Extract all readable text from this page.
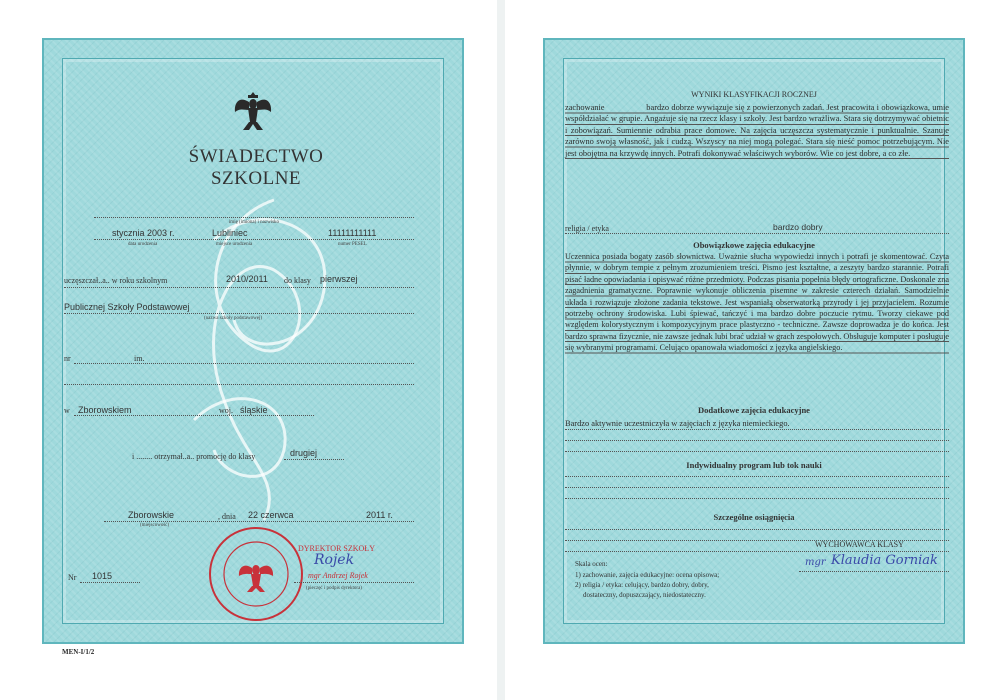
ŚWIADECTWO SZKOLNE
imię (imiona) i nazwisko
stycznia 2003 r.	Lubliniec	11111111111
data urodzenia	miejsce urodzenia	numer PESEL
uczęszczał..a.. w roku szkolnym	2010/2011 do klasy pierwszej
Publicznej Szkoły Podstawowej
(nazwa szkoły podstawowej)
nr	im.
w Zborowskiem	woj. śląskie
i ........ otrzymał..a.. promocję do klasy	drugiej
Zborowskie
(miejscowość)
, dnia 22 czerwca	2011 r.
DYREKTOR SZKOŁY
Rojek
mgr Andrzej Rojek
(pieczęć i podpis dyrektora)
Nr 1015
MEN-I/1/2
WYNIKI KLASYFIKACJI ROCZNEJ
zachowanie	bardzo dobrze wywiązuje się z powierzonych zadań. Jest pracowita i obowiązkowa, umie współdziałać w grupie. Angażuje się na rzecz klasy i szkoły. Jest bardzo wrażliwa. Stara się dotrzymywać obietnic i zobowiązań. Sumiennie odrabia prace domowe. Na zajęcia uczęszcza systematycznie i punktualnie. Szanuje zarówno swoją własność, jak i cudzą. Wszyscy na niej mogą polegać. Stara się nieść pomoc potrzebującym. Nie jest obojętna na krzywdę innych. Potrafi dokonywać właściwych wyborów. Wie co jest dobre, a co złe.
religia / etyka	bardzo dobry
Obowiązkowe zajęcia edukacyjne
Uczennica posiada bogaty zasób słownictwa. Uważnie słucha wypowiedzi innych i potrafi je skomentować. Czyta płynnie, w dobrym tempie z pełnym zrozumieniem treści. Pismo jest kształtne, a zeszyty bardzo starannie. Potrafi pisać ładne opowiadania i opisywać różne przedmioty. Podczas pisania popełnia błędy ortograficzne. Doskonale zna zagadnienia gramatyczne. Poprawnie wykonuje obliczenia pisemne w zakresie czterech działań. Samodzielnie układa i rozwiązuje złożone zadania tekstowe. Jest wspaniałą obserwatorką przyrody i jej przyjacielem. Rozumie potrzebę ochrony środowiska. Lubi śpiewać, tańczyć i ma bardzo dobre poczucie rytmu. Tworzy ciekawe pod względem kolorystycznym i kompozycyjnym prace plastyczno - techniczne. Zawsze doprowadza je do końca. Jest bardzo sprawna fizycznie, nie zawsze jednak lubi brać udział w grach zespołowych. Obsługuje komputer i posługuje się wybranymi programami. Celująco opanowała wiadomości z języka angielskiego.
Dodatkowe zajęcia edukacyjne
Bardzo aktywnie uczestniczyła w zajęciach z języka niemieckiego.
Indywidualny program lub tok nauki
Szczególne osiągnięcia
WYCHOWAWCA KLASY
mgr Klaudia Gorniak
Skala ocen:
1) zachowanie, zajęcia edukacyjne: ocena opisowa;
2) religia / etyka: celujący, bardzo dobry, dobry,
dostateczny, dopuszczający, niedostateczny.
